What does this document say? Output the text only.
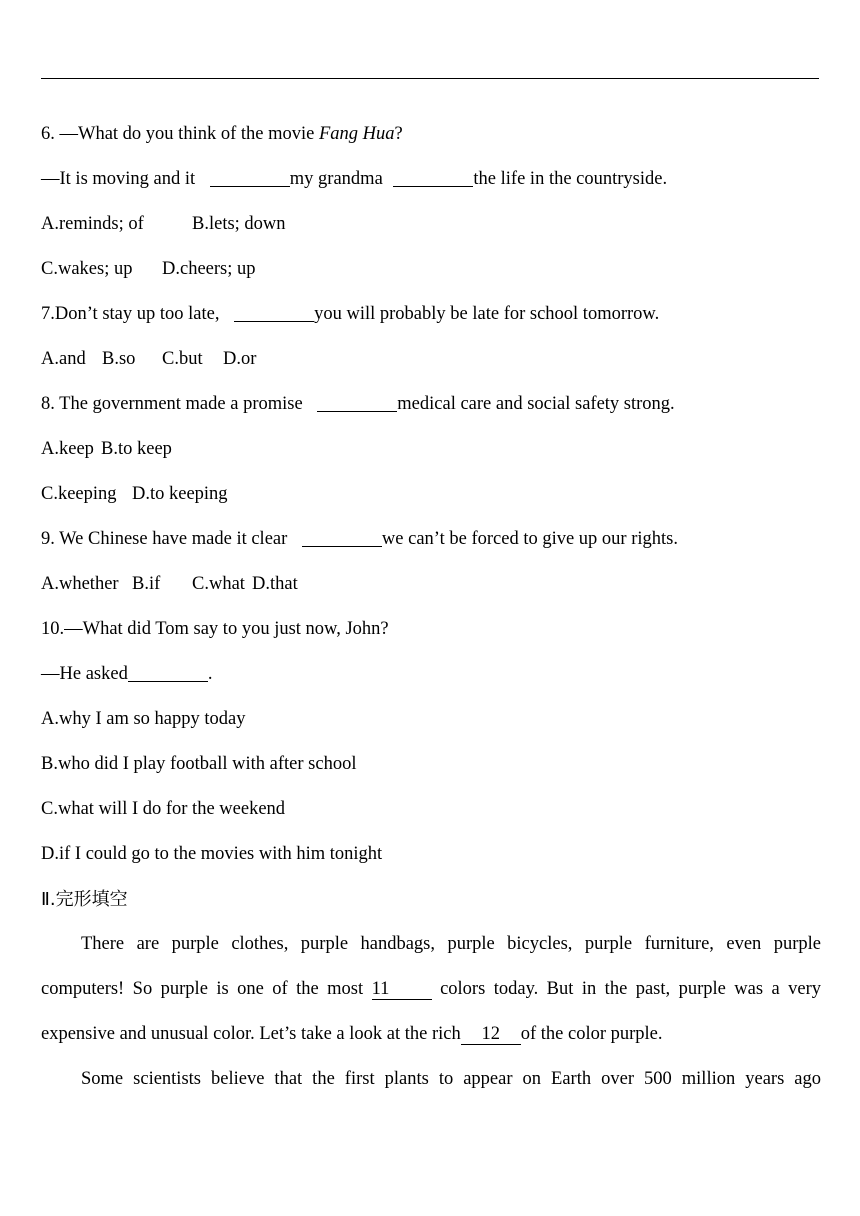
6. —What do you think of the movie Fang Hua?
—It is moving and it	my grandma	the life in the countryside.
A.reminds; of	B.lets; down
C.wakes; up D.cheers; up
7.Don’t stay up too late,	you will probably be late for school tomorrow.
A.and B.so C.but D.or
8. The government made a promise	medical care and social safety strong.
A.keep B.to keep
C.keeping D.to keeping
9. We Chinese have made it clear	we can’t be forced to give up our rights.
A.whether B.if C.what D.that
10.—What did Tom say to you just now, John?
—He asked	.
A.why I am so happy today
B.who did I play football with after school
C.what will I do for the weekend
D.if I could go to the movies with him tonight
Ⅱ.完形填空
There are purple clothes, purple handbags, purple bicycles, purple furniture, even purple
computers! So purple is one of the most 11	colors today. But in the past, purple was a very
expensive and unusual color. Let’s take a look at the rich 12 of the color purple.
Some scientists believe that the first plants to appear on Earth over 500 million years ago
